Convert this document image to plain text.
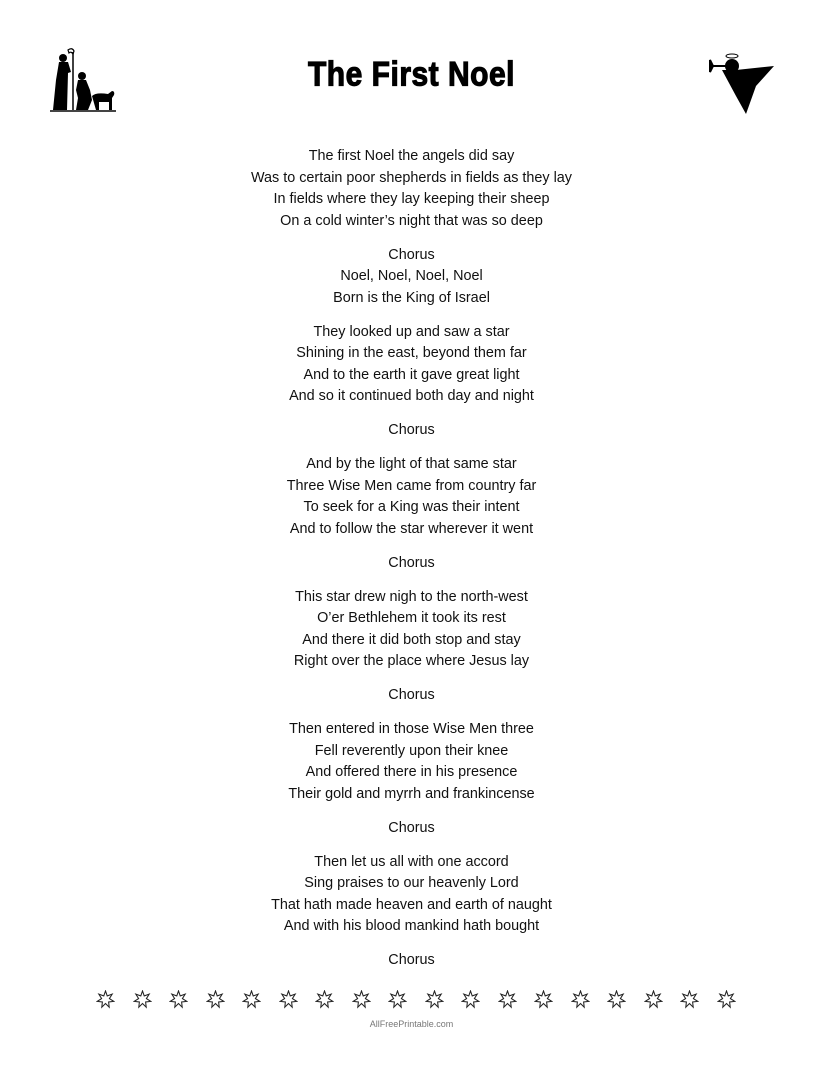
The First Noel
The first Noel the angels did say
Was to certain poor shepherds in fields as they lay
In fields where they lay keeping their sheep
On a cold winter’s night that was so deep
Chorus
Noel, Noel, Noel, Noel
Born is the King of Israel
They looked up and saw a star
Shining in the east, beyond them far
And to the earth it gave great light
And so it continued both day and night
Chorus
And by the light of that same star
Three Wise Men came from country far
To seek for a King was their intent
And to follow the star wherever it went
Chorus
This star drew nigh to the north-west
O’er Bethlehem it took its rest
And there it did both stop and stay
Right over the place where Jesus lay
Chorus
Then entered in those Wise Men three
Fell reverently upon their knee
And offered there in his presence
Their gold and myrrh and frankincense
Chorus
Then let us all with one accord
Sing praises to our heavenly Lord
That hath made heaven and earth of naught
And with his blood mankind hath bought
Chorus
AllFreePrintable.com
